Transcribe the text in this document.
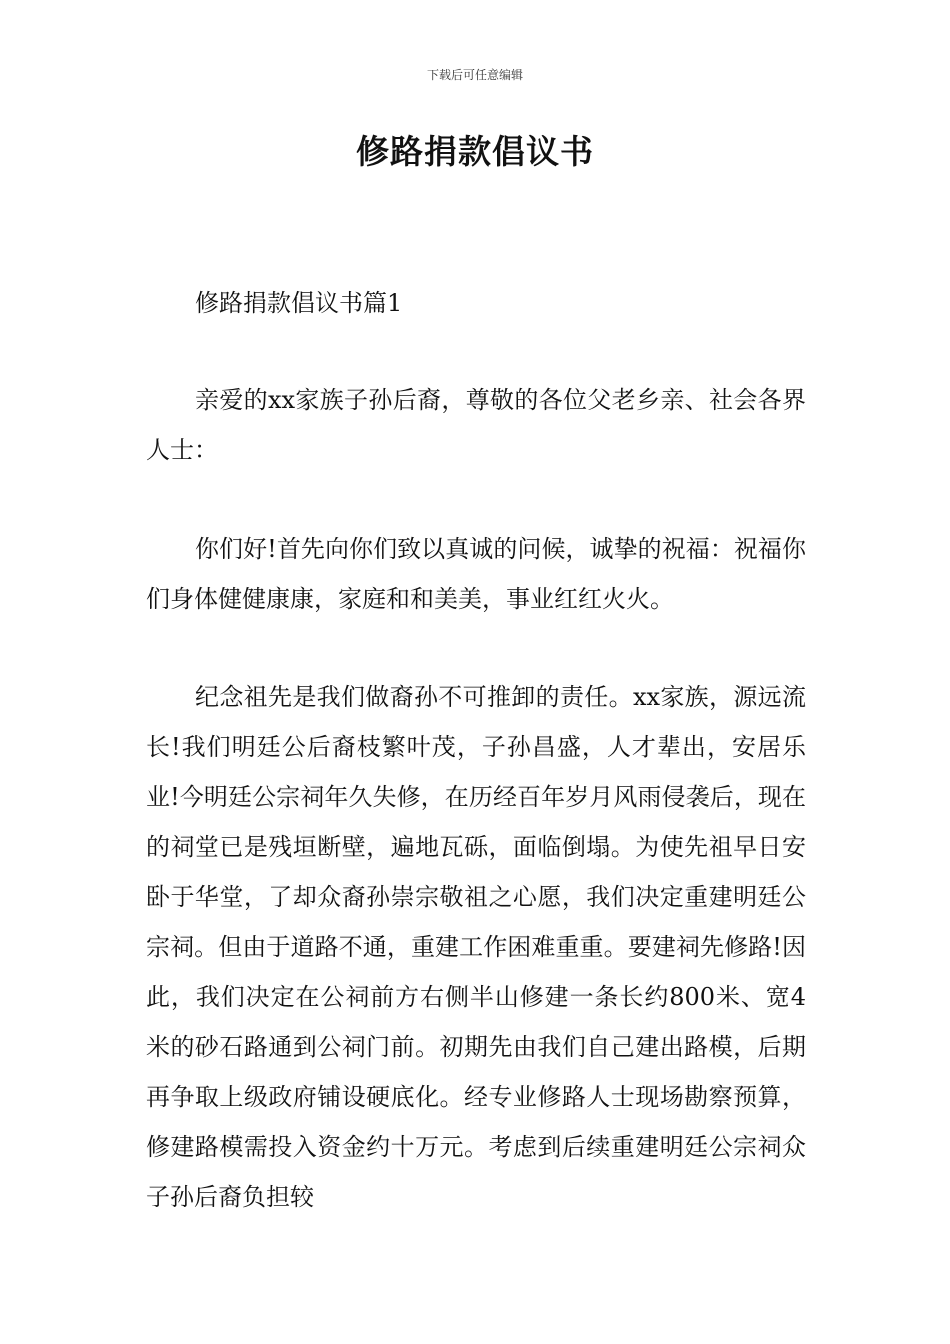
下载后可任意编辑
修路捐款倡议书
修路捐款倡议书篇1

亲爱的xx家族子孙后裔，尊敬的各位父老乡亲、社会各界人士：

你们好!首先向你们致以真诚的问候，诚挚的祝福：祝福你们身体健健康康，家庭和和美美，事业红红火火。

纪念祖先是我们做裔孙不可推卸的责任。xx家族，源远流长!我们明廷公后裔枝繁叶茂，子孙昌盛，人才辈出，安居乐业!今明廷公宗祠年久失修，在历经百年岁月风雨侵袭后，现在的祠堂已是残垣断壁，遍地瓦砾，面临倒塌。为使先祖早日安卧于华堂，了却众裔孙崇宗敬祖之心愿，我们决定重建明廷公宗祠。但由于道路不通，重建工作困难重重。要建祠先修路!因此，我们决定在公祠前方右侧半山修建一条长约800米、宽4米的砂石路通到公祠门前。初期先由我们自己建出路模，后期再争取上级政府铺设硬底化。经专业修路人士现场勘察预算，修建路模需投入资金约十万元。考虑到后续重建明廷公宗祠众子孙后裔负担较
